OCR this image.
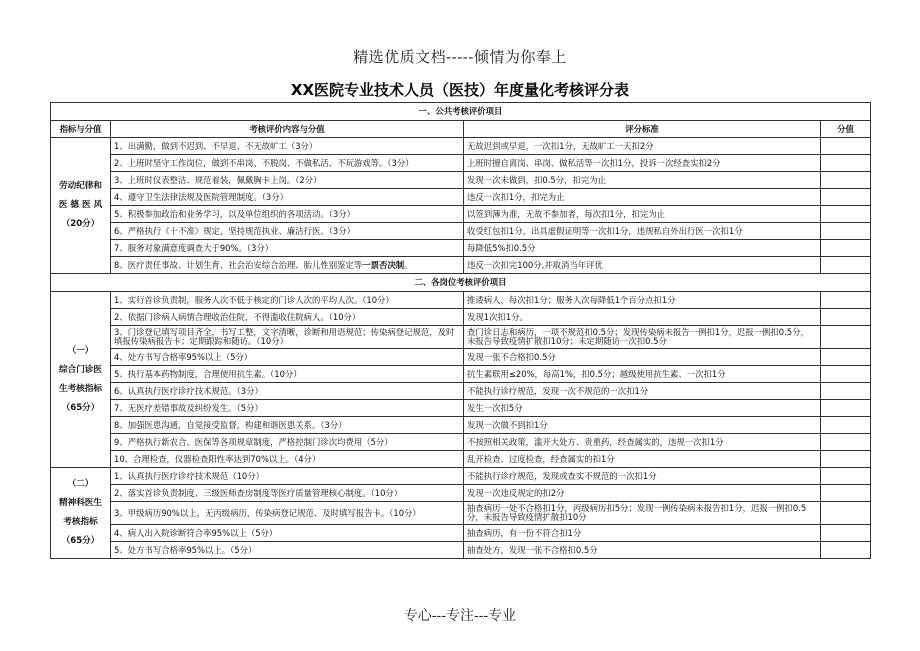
精选优质文档-----倾情为你奉上
XX医院专业技术人员（医技）年度量化考核评分表
一、公共考核评价项目			
指标与分值	考核评价内容与分值	评分标准	分值
劳动纪律和
医 德 医 风
（20分）	1、出满勤，做到不迟到、不早退、不无故旷工（3分）	无故迟到或早退，一次扣1分，无故旷工一天扣2分	
	2、上班时坚守工作岗位，做到不串岗、不脱岗、不做私活、不玩游戏等。（3分）	上班时擅自离岗、串岗、做私活等一次扣1分，投诉一次经查实扣2分	
	3、上班时仪表整洁、规范着装，佩戴胸卡上岗。（2分）	发现一次未做到，扣0.5分，扣完为止	
	4、遵守卫生法律法规及医院管理制度。（3分）	违反一次扣1分，扣完为止	
	5、积极参加政治和业务学习，以及单位组织的各项活动。（3分）	以签到簿为准，无故不参加者，每次扣1分，扣完为止	
	6、严格执行《十不准》规定，坚持规范执业、廉洁行医。（3分）	收受红包扣1分，出具虚假证明等一次扣1分，违规私自外出行医一次扣1分	
	7、服务对象满意度调查大于90%。（3分）	每降低5%扣0.5分	
	8、医疗责任事故、计划生育、社会治安综合治理、胎儿性别鉴定等一票否决制。	违反一次扣完100分,并取消当年评优	
二、各岗位考核评价项目			
（一）
综合门诊医
生考核指标
（65分）	1、实行首诊负责制，服务人次不低于核定的门诊人次的平均人次。（10分）	推诿病人，每次扣1分；服务人次每降低1个百分点扣1分	
	2、依据门诊病人病情合理收治住院，不得滥收住院病人。（10分）	发现1次扣1分。	
	3、门诊登记填写项目齐全，书写工整，文字清晰，诊断和用语规范；传染病登记规范，及时填报传染病报告卡；定期跟踪和随访。（10分）	查门诊日志和病历，一项不规范扣0.5分；发现传染病未报告一例扣1分，迟报一例扣0.5分，未报告导致疫情扩散扣10分；未定期随访一次扣0.5分	
	4、处方书写合格率95%以上（5分）	发现一张不合格扣0.5分	
	5、执行基本药物制度，合理使用抗生素。（10分）	抗生素联用≤20%，每高1%，扣0.5分；越级使用抗生素、一次扣1分	
	6、认真执行医疗诊疗技术规范。（3分）	不能执行诊疗规范，发现一次不规范的一次扣1分	
	7、无医疗差错事故及纠纷发生。（5分）	发生一次扣5分	
	8、加强医患沟通，自觉接受监督，构建和谐医患关系。（3分）	发现一次做不到扣1分	
	9、严格执行新农合、医保等各项规章制度，严格控制门诊次均费用（5分）	不按照相关政策，滥开大处方、贵重药，经查属实的，违规一次扣1分	
	10、合理检查，仪器检查阳性率达到70%以上。（4分）	乱开检查、过度检查，经查属实的扣1分	
（二）
精神科医生
考核指标
（65分）	1、认真执行医疗诊疗技术规范（10分）	不能执行诊疗规范，发现或查实不规范的一次扣1分	
	2、落实首诊负责制度、三级医师查房制度等医疗质量管理核心制度。（10分）	发现一次违反规定的扣2分	
	3、甲级病历90%以上，无丙级病历，传染病登记规范、及时填写报告卡。（10分）	抽查病历一处不合格扣1分，丙级病历扣5分；发现一例传染病未报告扣1分，迟报一例扣0.5分，未报告导致疫情扩散扣10分	
	4、病人出入院诊断符合率95%以上（5分）	抽查病历，有一份不符合扣1分	
	5、处方书写合格率95%以上。（5分）	抽查处方，发现一张不合格扣0.5分	
专心---专注---专业
